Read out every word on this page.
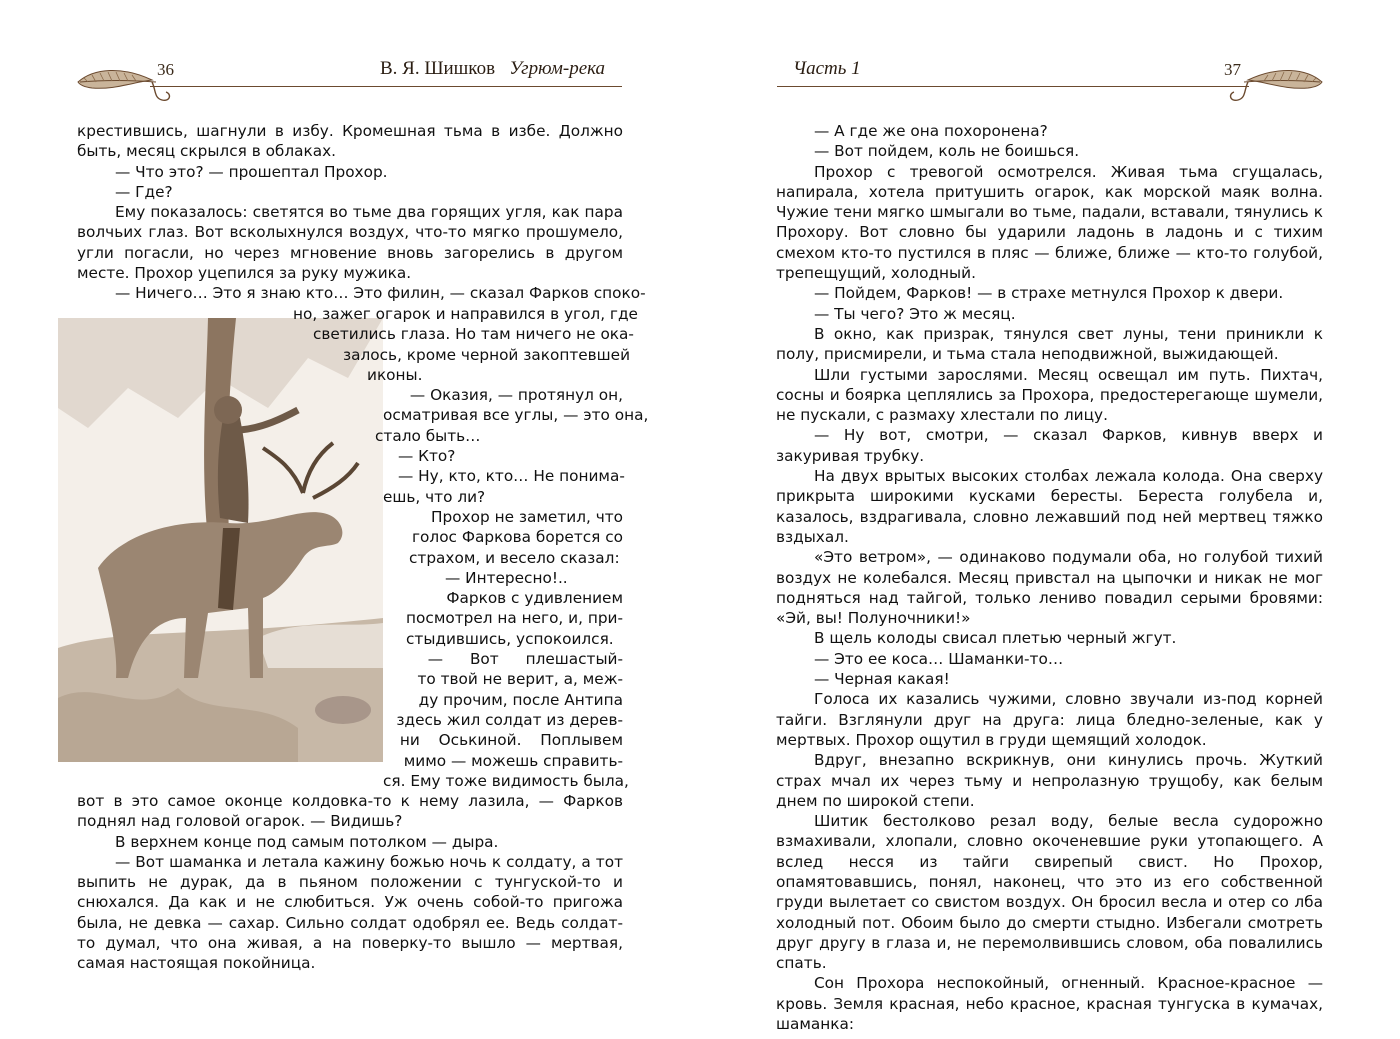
36	В. Я. Шишков Угрюм-река

крестившись, шагнули в избу. Кромешная тьма в избе. Должно быть, месяц скрылся в облаках.

— Что это? — прошептал Прохор.

— Где?

Ему показалось: светятся во тьме два горящих угля, как пара волчьих глаз. Вот всколыхнулся воздух, что-то мягко прошумело, угли погасли, но через мгновение вновь загорелись в другом месте. Прохор уцепился за руку мужика.

— Ничего… Это я знаю кто… Это филин, — сказал Фарков споко-

но, зажег огарок и направился в угол, где

светились глаза. Но там ничего не ока-

залось, кроме черной закоптевшей

иконы.

— Оказия, — протянул он,

осматривая все углы, — это она,

стало быть…

— Кто?

— Ну, кто, кто… Не понима-

ешь, что ли?

Прохор не заметил, что

голос Фаркова борется со

страхом, и весело сказал:

— Интересно!..

Фарков с удивлением

посмотрел на него, и, при-

стыдившись, успокоился.

— Вот плешастый-

то твой не верит, а, меж-

ду прочим, после Антипа

здесь жил солдат из дерев-

ни Оськиной. Поплывем

мимо — можешь справить-

ся. Ему тоже видимость была,

вот в это самое оконце колдовка-то к нему лазила, — Фарков поднял над головой огарок. — Видишь?

В верхнем конце под самым потолком — дыра.

— Вот шаманка и летала кажину божью ночь к солдату, а тот выпить не дурак, да в пьяном положении с тунгуской-то и снюхался. Да как и не слюбиться. Уж очень собой-то пригожа была, не девка — сахар. Сильно солдат одобрял ее. Ведь солдат-то думал, что она живая, а на поверку-то вышло — мертвая, самая настоящая покойница.

Часть 1	37

— А где же она похоронена?

— Вот пойдем, коль не боишься.

Прохор с тревогой осмотрелся. Живая тьма сгущалась, напирала, хотела притушить огарок, как морской маяк волна. Чужие тени мягко шмыгали во тьме, падали, вставали, тянулись к Прохору. Вот словно бы ударили ладонь в ладонь и с тихим смехом кто-то пустился в пляс — ближе, ближе — кто-то голубой, трепещущий, холодный.

— Пойдем, Фарков! — в страхе метнулся Прохор к двери.

— Ты чего? Это ж месяц.

В окно, как призрак, тянулся свет луны, тени приникли к полу, присмирели, и тьма стала неподвижной, выжидающей.

Шли густыми зарослями. Месяц освещал им путь. Пихтач, сосны и боярка цеплялись за Прохора, предостерегающе шумели, не пускали, с размаху хлестали по лицу.

— Ну вот, смотри, — сказал Фарков, кивнув вверх и закуривая трубку.

На двух врытых высоких столбах лежала колода. Она сверху прикрыта широкими кусками бересты. Береста голубела и, казалось, вздрагивала, словно лежавший под ней мертвец тяжко вздыхал.

«Это ветром», — одинаково подумали оба, но голубой тихий воздух не колебался. Месяц привстал на цыпочки и никак не мог подняться над тайгой, только лениво повадил серыми бровями: «Эй, вы! Полуночники!»

В щель колоды свисал плетью черный жгут.

— Это ее коса… Шаманки-то…

— Черная какая!

Голоса их казались чужими, словно звучали из-под корней тайги. Взглянули друг на друга: лица бледно-зеленые, как у мертвых. Прохор ощутил в груди щемящий холодок.

Вдруг, внезапно вскрикнув, они кинулись прочь. Жуткий страх мчал их через тьму и непролазную трущобу, как белым днем по широкой степи.

Шитик бестолково резал воду, белые весла судорожно взмахивали, хлопали, словно окоченевшие руки утопающего. А вслед несся из тайги свирепый свист. Но Прохор, опамятовавшись, понял, наконец, что это из его собственной груди вылетает со свистом воздух. Он бросил весла и отер со лба холодный пот. Обоим было до смерти стыдно. Избегали смотреть друг другу в глаза и, не перемолвившись словом, оба повалились спать.

Сон Прохора неспокойный, огненный. Красное-красное — кровь. Земля красная, небо красное, красная тунгуска в кумачах, шаманка:
